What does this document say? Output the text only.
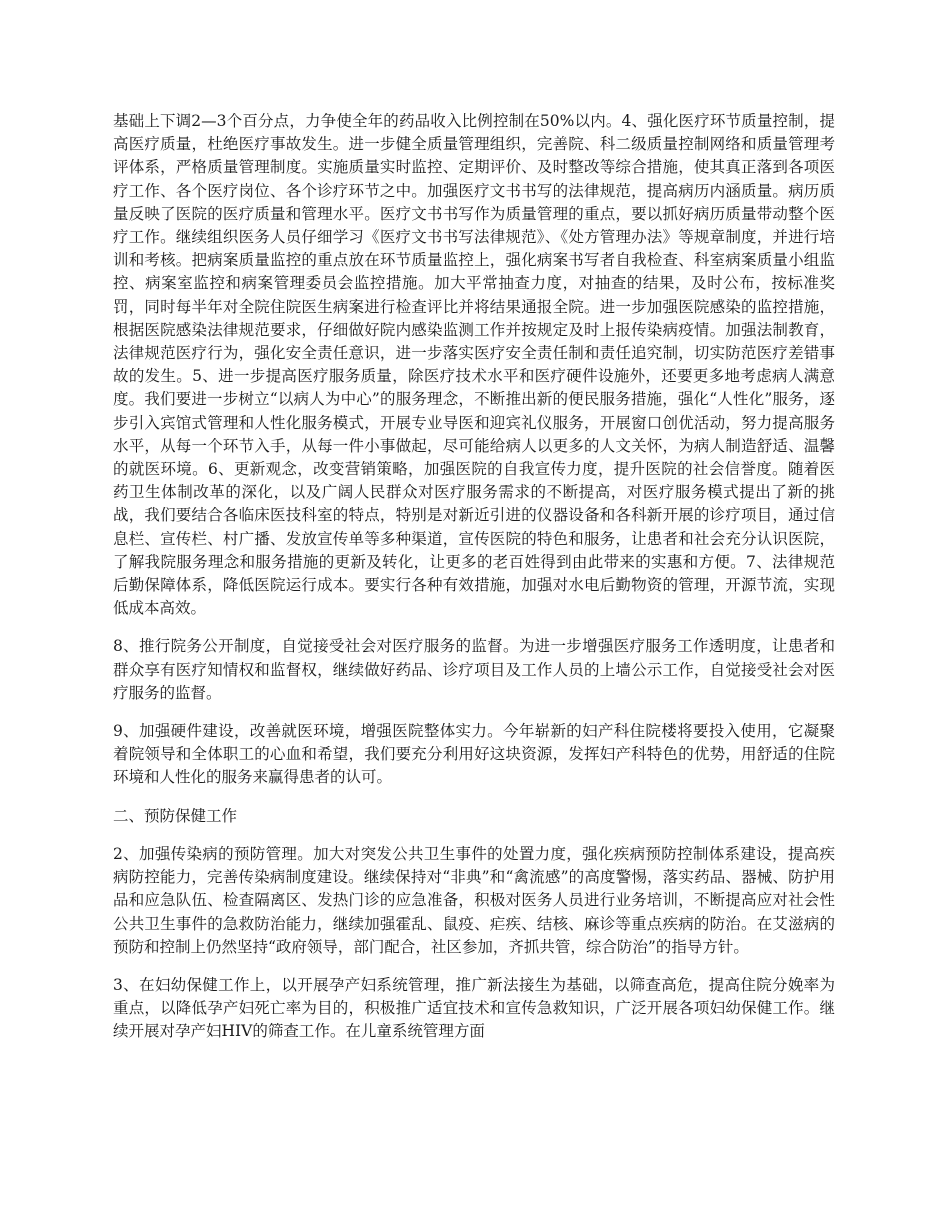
基础上下调2—3个百分点，力争使全年的药品收入比例控制在50%以内。4、强化医疗环节质量控制，提高医疗质量，杜绝医疗事故发生。进一步健全质量管理组织，完善院、科二级质量控制网络和质量管理考评体系，严格质量管理制度。实施质量实时监控、定期评价、及时整改等综合措施，使其真正落到各项医疗工作、各个医疗岗位、各个诊疗环节之中。加强医疗文书书写的法律规范，提高病历内涵质量。病历质量反映了医院的医疗质量和管理水平。医疗文书书写作为质量管理的重点，要以抓好病历质量带动整个医疗工作。继续组织医务人员仔细学习《医疗文书书写法律规范》、《处方管理办法》等规章制度，并进行培训和考核。把病案质量监控的重点放在环节质量监控上，强化病案书写者自我检查、科室病案质量小组监控、病案室监控和病案管理委员会监控措施。加大平常抽查力度，对抽查的结果，及时公布，按标准奖罚，同时每半年对全院住院医生病案进行检查评比并将结果通报全院。进一步加强医院感染的监控措施，根据医院感染法律规范要求，仔细做好院内感染监测工作并按规定及时上报传染病疫情。加强法制教育，法律规范医疗行为，强化安全责任意识，进一步落实医疗安全责任制和责任追究制，切实防范医疗差错事故的发生。5、进一步提高医疗服务质量，除医疗技术水平和医疗硬件设施外，还要更多地考虑病人满意度。我们要进一步树立“以病人为中心”的服务理念，不断推出新的便民服务措施，强化“人性化”服务，逐步引入宾馆式管理和人性化服务模式，开展专业导医和迎宾礼仪服务，开展窗口创优活动，努力提高服务水平，从每一个环节入手，从每一件小事做起，尽可能给病人以更多的人文关怀，为病人制造舒适、温馨的就医环境。6、更新观念，改变营销策略，加强医院的自我宣传力度，提升医院的社会信誉度。随着医药卫生体制改革的深化，以及广阔人民群众对医疗服务需求的不断提高，对医疗服务模式提出了新的挑战，我们要结合各临床医技科室的特点，特别是对新近引进的仪器设备和各科新开展的诊疗项目，通过信息栏、宣传栏、村广播、发放宣传单等多种渠道，宣传医院的特色和服务，让患者和社会充分认识医院，了解我院服务理念和服务措施的更新及转化，让更多的老百姓得到由此带来的实惠和方便。7、法律规范后勤保障体系，降低医院运行成本。要实行各种有效措施，加强对水电后勤物资的管理，开源节流，实现低成本高效。

8、推行院务公开制度，自觉接受社会对医疗服务的监督。为进一步增强医疗服务工作透明度，让患者和群众享有医疗知情权和监督权，继续做好药品、诊疗项目及工作人员的上墙公示工作，自觉接受社会对医疗服务的监督。

9、加强硬件建设，改善就医环境，增强医院整体实力。今年崭新的妇产科住院楼将要投入使用，它凝聚着院领导和全体职工的心血和希望，我们要充分利用好这块资源，发挥妇产科特色的优势，用舒适的住院环境和人性化的服务来赢得患者的认可。

二、预防保健工作

2、加强传染病的预防管理。加大对突发公共卫生事件的处置力度，强化疾病预防控制体系建设，提高疾病防控能力，完善传染病制度建设。继续保持对“非典”和“禽流感”的高度警惕，落实药品、器械、防护用品和应急队伍、检查隔离区、发热门诊的应急准备，积极对医务人员进行业务培训，不断提高应对社会性公共卫生事件的急救防治能力，继续加强霍乱、鼠疫、疟疾、结核、麻诊等重点疾病的防治。在艾滋病的预防和控制上仍然坚持“政府领导，部门配合，社区参加，齐抓共管，综合防治”的指导方针。

3、在妇幼保健工作上，以开展孕产妇系统管理，推广新法接生为基础，以筛查高危，提高住院分娩率为重点，以降低孕产妇死亡率为目的，积极推广适宜技术和宣传急救知识，广泛开展各项妇幼保健工作。继续开展对孕产妇HIV的筛查工作。在儿童系统管理方面
